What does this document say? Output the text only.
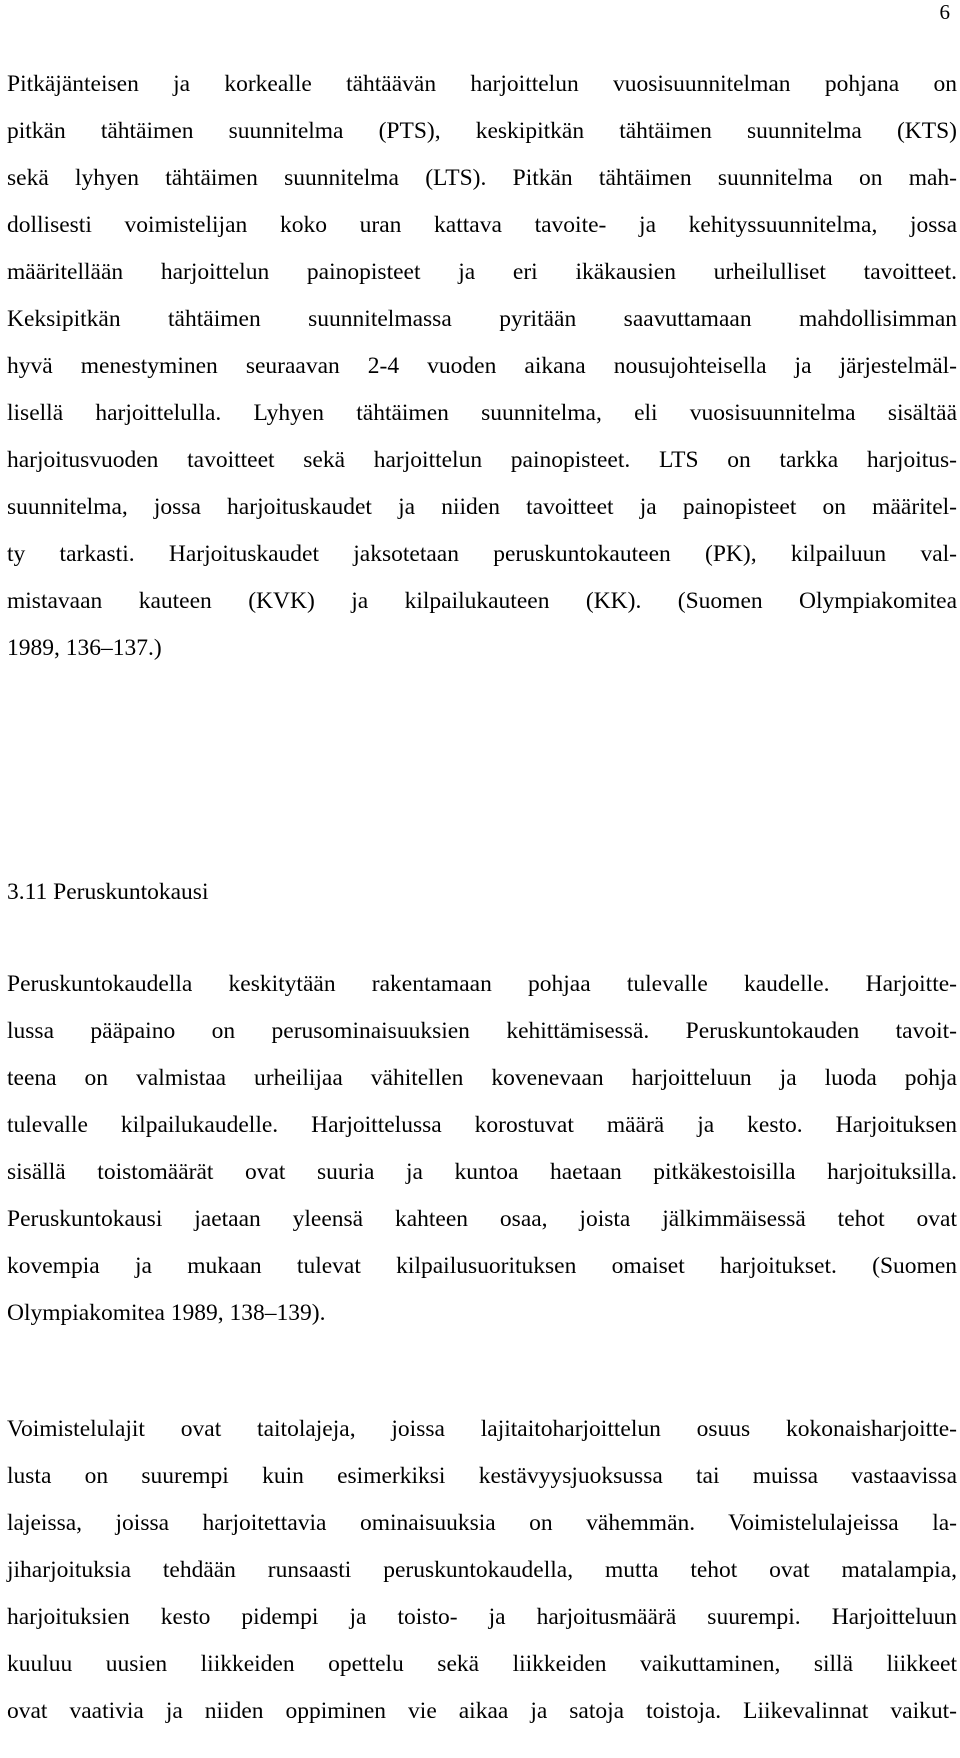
6
Pitkäjänteisen ja korkealle tähtäävän harjoittelun vuosisuunnitelman pohjana on
pitkän tähtäimen suunnitelma (PTS), keskipitkän tähtäimen suunnitelma (KTS)
sekä lyhyen tähtäimen suunnitelma (LTS). Pitkän tähtäimen suunnitelma on mah-
dollisesti voimistelijan koko uran kattava tavoite- ja kehityssuunnitelma, jossa
määritellään harjoittelun painopisteet ja eri ikäkausien urheilulliset tavoitteet.
Keksipitkän tähtäimen suunnitelmassa pyritään saavuttamaan mahdollisimman
hyvä menestyminen seuraavan 2-4 vuoden aikana nousujohteisella ja järjestelmäl-
lisellä harjoittelulla. Lyhyen tähtäimen suunnitelma, eli vuosisuunnitelma sisältää
harjoitusvuoden tavoitteet sekä harjoittelun painopisteet. LTS on tarkka harjoitus-
suunnitelma, jossa harjoituskaudet ja niiden tavoitteet ja painopisteet on määritel-
ty tarkasti. Harjoituskaudet jaksotetaan peruskuntokauteen (PK), kilpailuun val-
mistavaan kauteen (KVK) ja kilpailukauteen (KK). (Suomen Olympiakomitea
1989, 136–137.)
3.11 Peruskuntokausi
Peruskuntokaudella keskitytään rakentamaan pohjaa tulevalle kaudelle. Harjoitte-
lussa pääpaino on perusominaisuuksien kehittämisessä. Peruskuntokauden tavoit-
teena on valmistaa urheilijaa vähitellen kovenevaan harjoitteluun ja luoda pohja
tulevalle kilpailukaudelle. Harjoittelussa korostuvat määrä ja kesto. Harjoituksen
sisällä toistomäärät ovat suuria ja kuntoa haetaan pitkäkestoisilla harjoituksilla.
Peruskuntokausi jaetaan yleensä kahteen osaa, joista jälkimmäisessä tehot ovat
kovempia ja mukaan tulevat kilpailusuorituksen omaiset harjoitukset. (Suomen
Olympiakomitea 1989, 138–139).
Voimistelulajit ovat taitolajeja, joissa lajitaitoharjoittelun osuus kokonaisharjoitte-
lusta on suurempi kuin esimerkiksi kestävyysjuoksussa tai muissa vastaavissa
lajeissa, joissa harjoitettavia ominaisuuksia on vähemmän. Voimistelulajeissa la-
jiharjoituksia tehdään runsaasti peruskuntokaudella, mutta tehot ovat matalampia,
harjoituksien kesto pidempi ja toisto- ja harjoitusmäärä suurempi. Harjoitteluun
kuuluu uusien liikkeiden opettelu sekä liikkeiden vaikuttaminen, sillä liikkeet
ovat vaativia ja niiden oppiminen vie aikaa ja satoja toistoja. Liikevalinnat vaikut-
